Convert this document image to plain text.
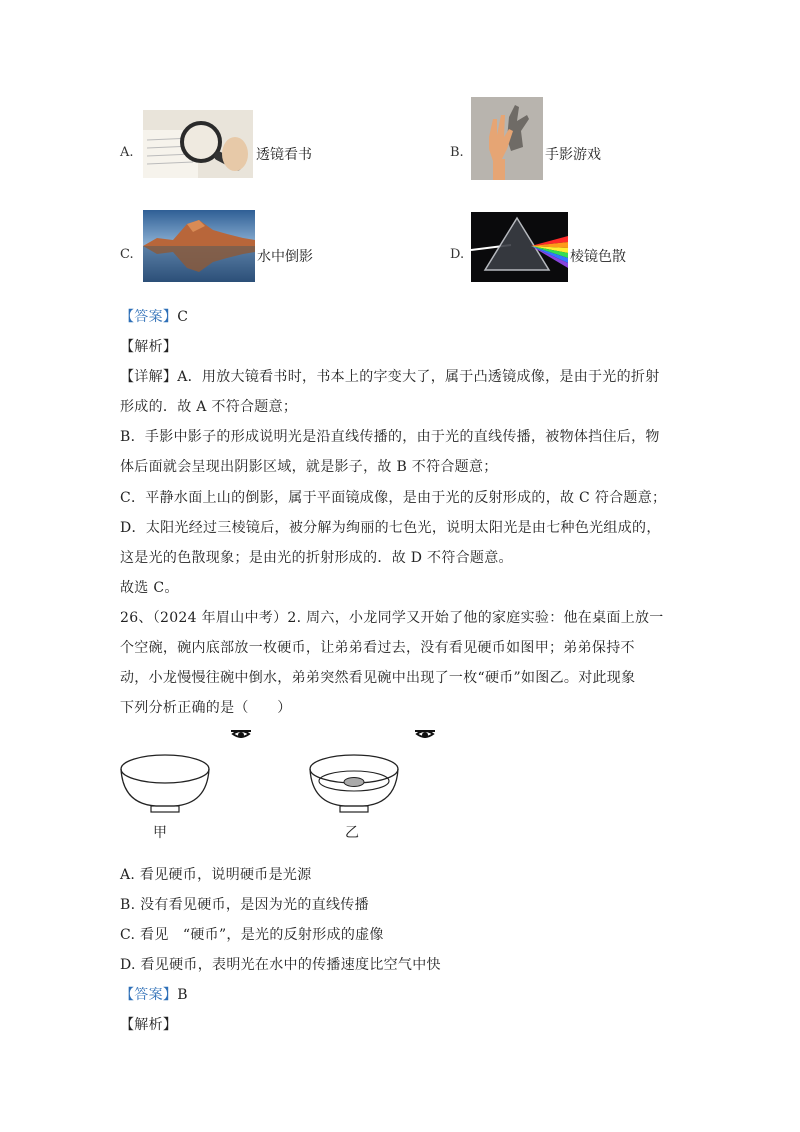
A.	透镜看书	B.	手影游戏
C.	水中倒影	D.	棱镜色散
【答案】C
【解析】
【详解】A．用放大镜看书时，书本上的字变大了，属于凸透镜成像，是由于光的折射
形成的．故 A 不符合题意；
B．手影中影子的形成说明光是沿直线传播的，由于光的直线传播，被物体挡住后，物
体后面就会呈现出阴影区域，就是影子，故 B 不符合题意；
C．平静水面上山的倒影，属于平面镜成像，是由于光的反射形成的，故 C 符合题意；
D．太阳光经过三棱镜后，被分解为绚丽的七色光，说明太阳光是由七种色光组成的，
这是光的色散现象；是由光的折射形成的．故 D 不符合题意。
故选 C。
26、（2024 年眉山中考）2. 周六，小龙同学又开始了他的家庭实验：他在桌面上放一
个空碗，碗内底部放一枚硬币，让弟弟看过去，没有看见硬币如图甲；弟弟保持不
动，小龙慢慢往碗中倒水，弟弟突然看见碗中出现了一枚“硬币”如图乙。对此现象
下列分析正确的是（　　）
甲	乙
A. 看见硬币，说明硬币是光源
B. 没有看见硬币，是因为光的直线传播
C. 看见　“硬币”，是光的反射形成的虚像
D. 看见硬币，表明光在水中的传播速度比空气中快
【答案】B
【解析】
